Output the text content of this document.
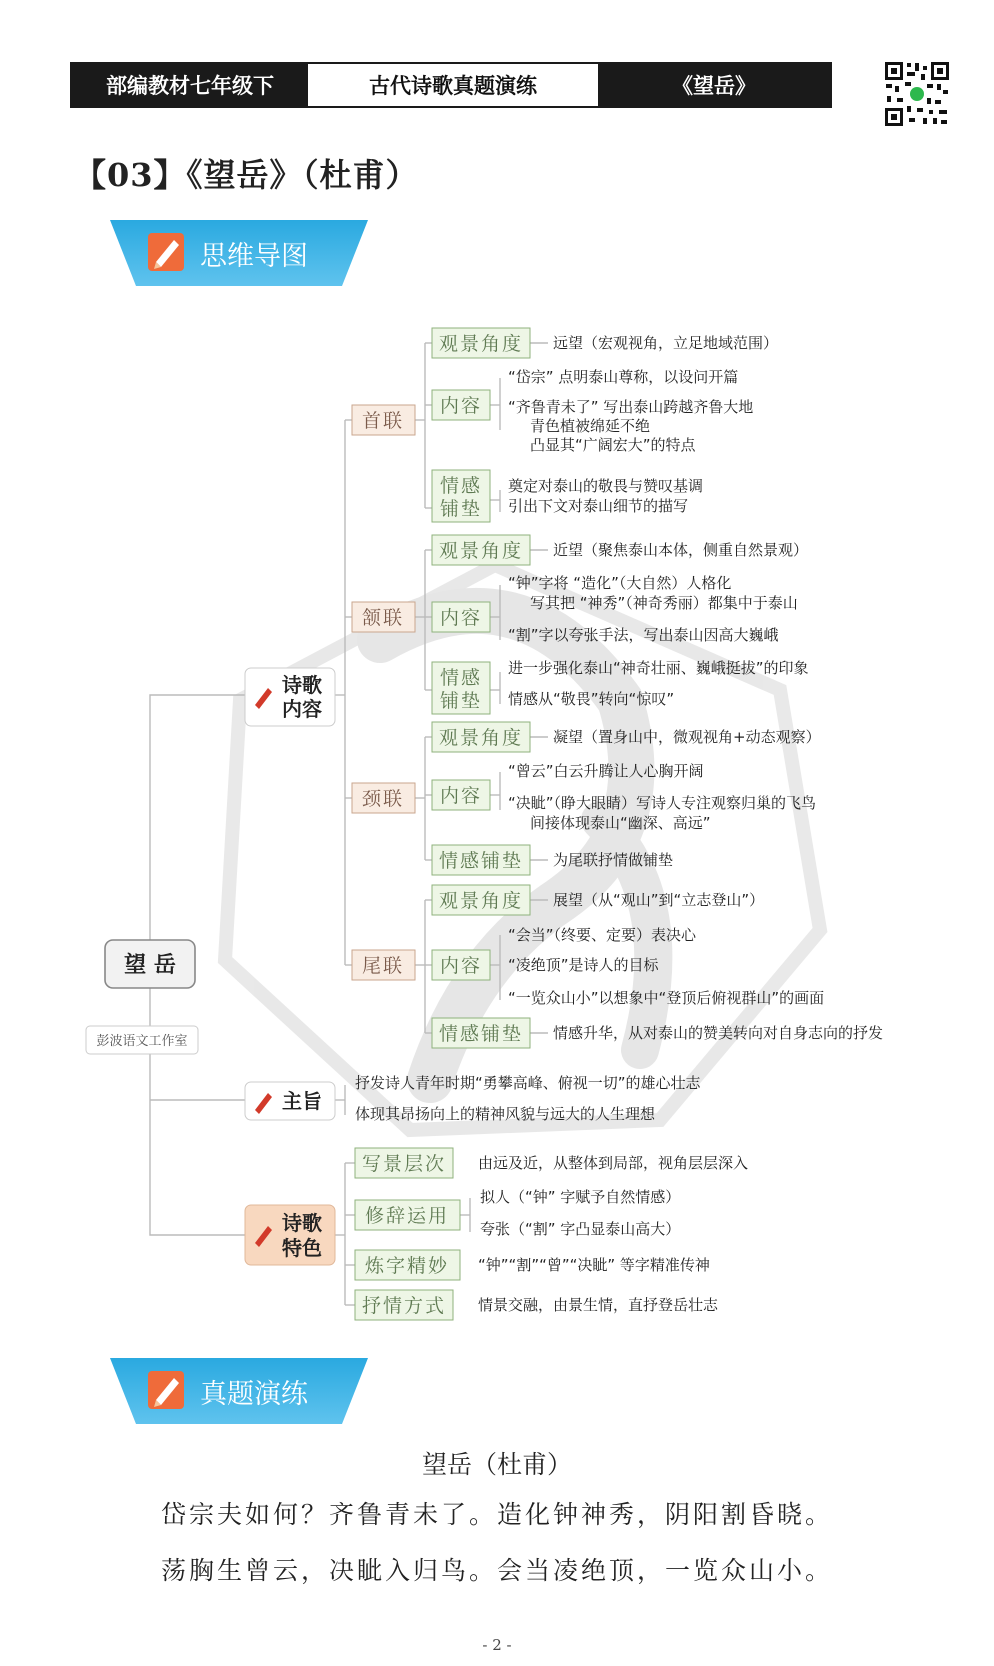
部编教材七年级下	古代诗歌真题演练	《望岳》
【03】《望岳》（杜甫）
思维导图
望 岳
彭波语文工作室
诗歌
内容
主旨
诗歌
特色
首联
颔联
颈联
尾联
观景角度
内容
情感
铺垫
观景角度
内容
情感
铺垫
观景角度
内容
情感铺垫
观景角度
内容
情感铺垫
写景层次
修辞运用
炼字精妙
抒情方式
远望（宏观视角，立足地域范围）
“岱宗” 点明泰山尊称，以设问开篇
“齐鲁青未了” 写出泰山跨越齐鲁大地
青色植被绵延不绝
凸显其“广阔宏大”的特点
奠定对泰山的敬畏与赞叹基调
引出下文对泰山细节的描写
近望（聚焦泰山本体，侧重自然景观）
“钟”字将 “造化”（大自然）人格化
写其把 “神秀”（神奇秀丽）都集中于泰山
“割”字以夸张手法，写出泰山因高大巍峨
进一步强化泰山“神奇壮丽、巍峨挺拔”的印象
情感从“敬畏”转向“惊叹”
凝望（置身山中，微观视角+动态观察）
“曾云”白云升腾让人心胸开阔
“决眦”（睁大眼睛）写诗人专注观察归巢的飞鸟
间接体现泰山“幽深、高远”
为尾联抒情做铺垫
展望（从“观山”到“立志登山”）
“会当”（终要、定要）表决心
“凌绝顶”是诗人的目标
“一览众山小”以想象中“登顶后俯视群山”的画面
情感升华，从对泰山的赞美转向对自身志向的抒发
抒发诗人青年时期“勇攀高峰、俯视一切”的雄心壮志
体现其昂扬向上的精神风貌与远大的人生理想
由远及近，从整体到局部，视角层层深入
拟人（“钟” 字赋予自然情感）
夸张（“割” 字凸显泰山高大）
“钟”“割”“曾”“决眦” 等字精准传神
情景交融，由景生情，直抒登岳壮志
真题演练
望岳（杜甫）

岱宗夫如何？齐鲁青未了。造化钟神秀，阴阳割昏晓。

荡胸生曾云，决眦入归鸟。会当凌绝顶，一览众山小。

- 2 -
